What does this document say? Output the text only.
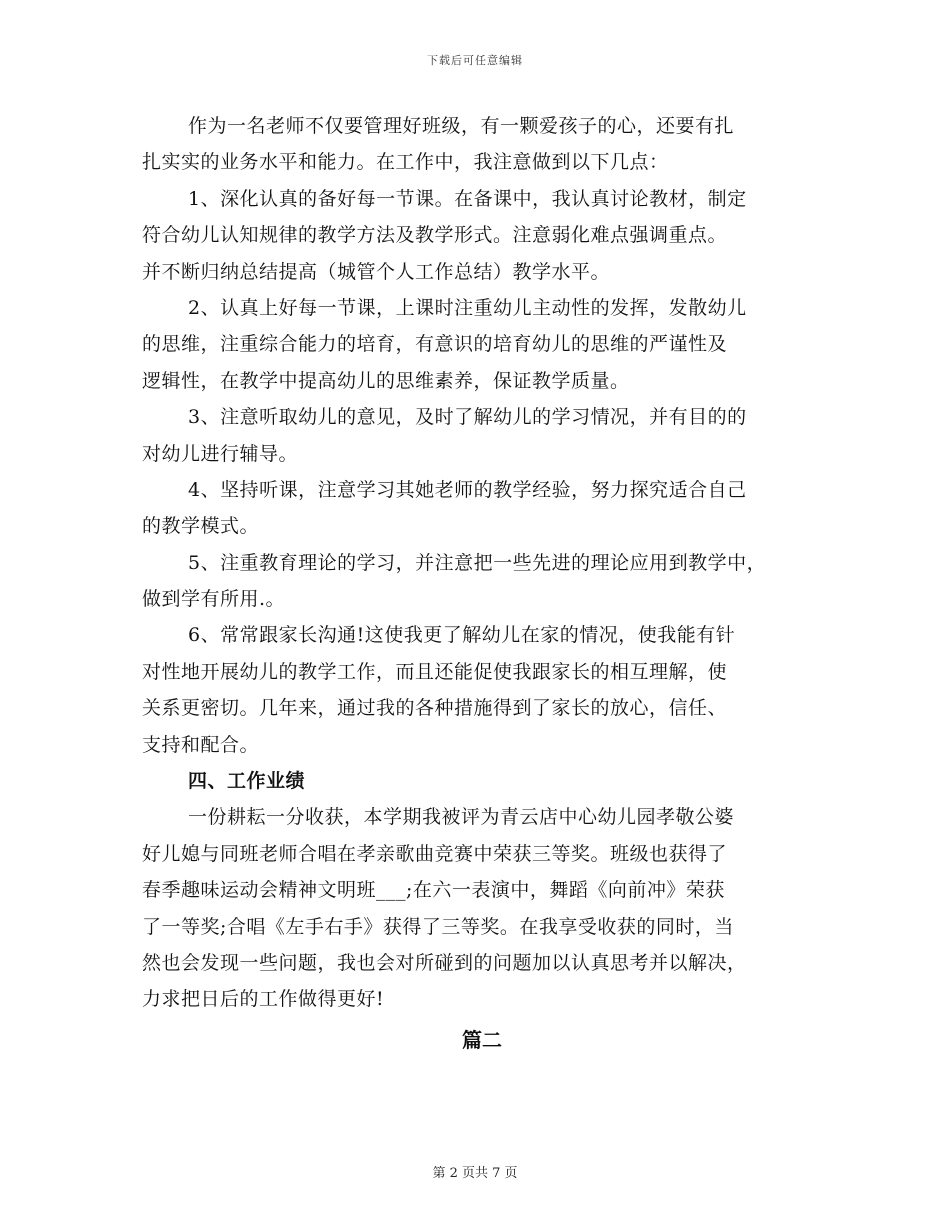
下载后可任意编辑
作为一名老师不仅要管理好班级，有一颗爱孩子的心，还要有扎
扎实实的业务水平和能力。在工作中，我注意做到以下几点：
1、深化认真的备好每一节课。在备课中，我认真讨论教材，制定
符合幼儿认知规律的教学方法及教学形式。注意弱化难点强调重点。
并不断归纳总结提高（城管个人工作总结）教学水平。
2、认真上好每一节课，上课时注重幼儿主动性的发挥，发散幼儿
的思维，注重综合能力的培育，有意识的培育幼儿的思维的严谨性及
逻辑性，在教学中提高幼儿的思维素养，保证教学质量。
3、注意听取幼儿的意见，及时了解幼儿的学习情况，并有目的的
对幼儿进行辅导。
4、坚持听课，注意学习其她老师的教学经验，努力探究适合自己
的教学模式。
5、注重教育理论的学习，并注意把一些先进的理论应用到教学中，
做到学有所用.。
6、常常跟家长沟通!这使我更了解幼儿在家的情况，使我能有针
对性地开展幼儿的教学工作，而且还能促使我跟家长的相互理解，使
关系更密切。几年来，通过我的各种措施得到了家长的放心，信任、
支持和配合。
四、工作业绩
一份耕耘一分收获，本学期我被评为青云店中心幼儿园孝敬公婆
好儿媳与同班老师合唱在孝亲歌曲竞赛中荣获三等奖。班级也获得了
春季趣味运动会精神文明班___;在六一表演中，舞蹈《向前冲》荣获
了一等奖;合唱《左手右手》获得了三等奖。在我享受收获的同时，当
然也会发现一些问题，我也会对所碰到的问题加以认真思考并以解决，
力求把日后的工作做得更好!
篇二
第 2 页共 7 页
